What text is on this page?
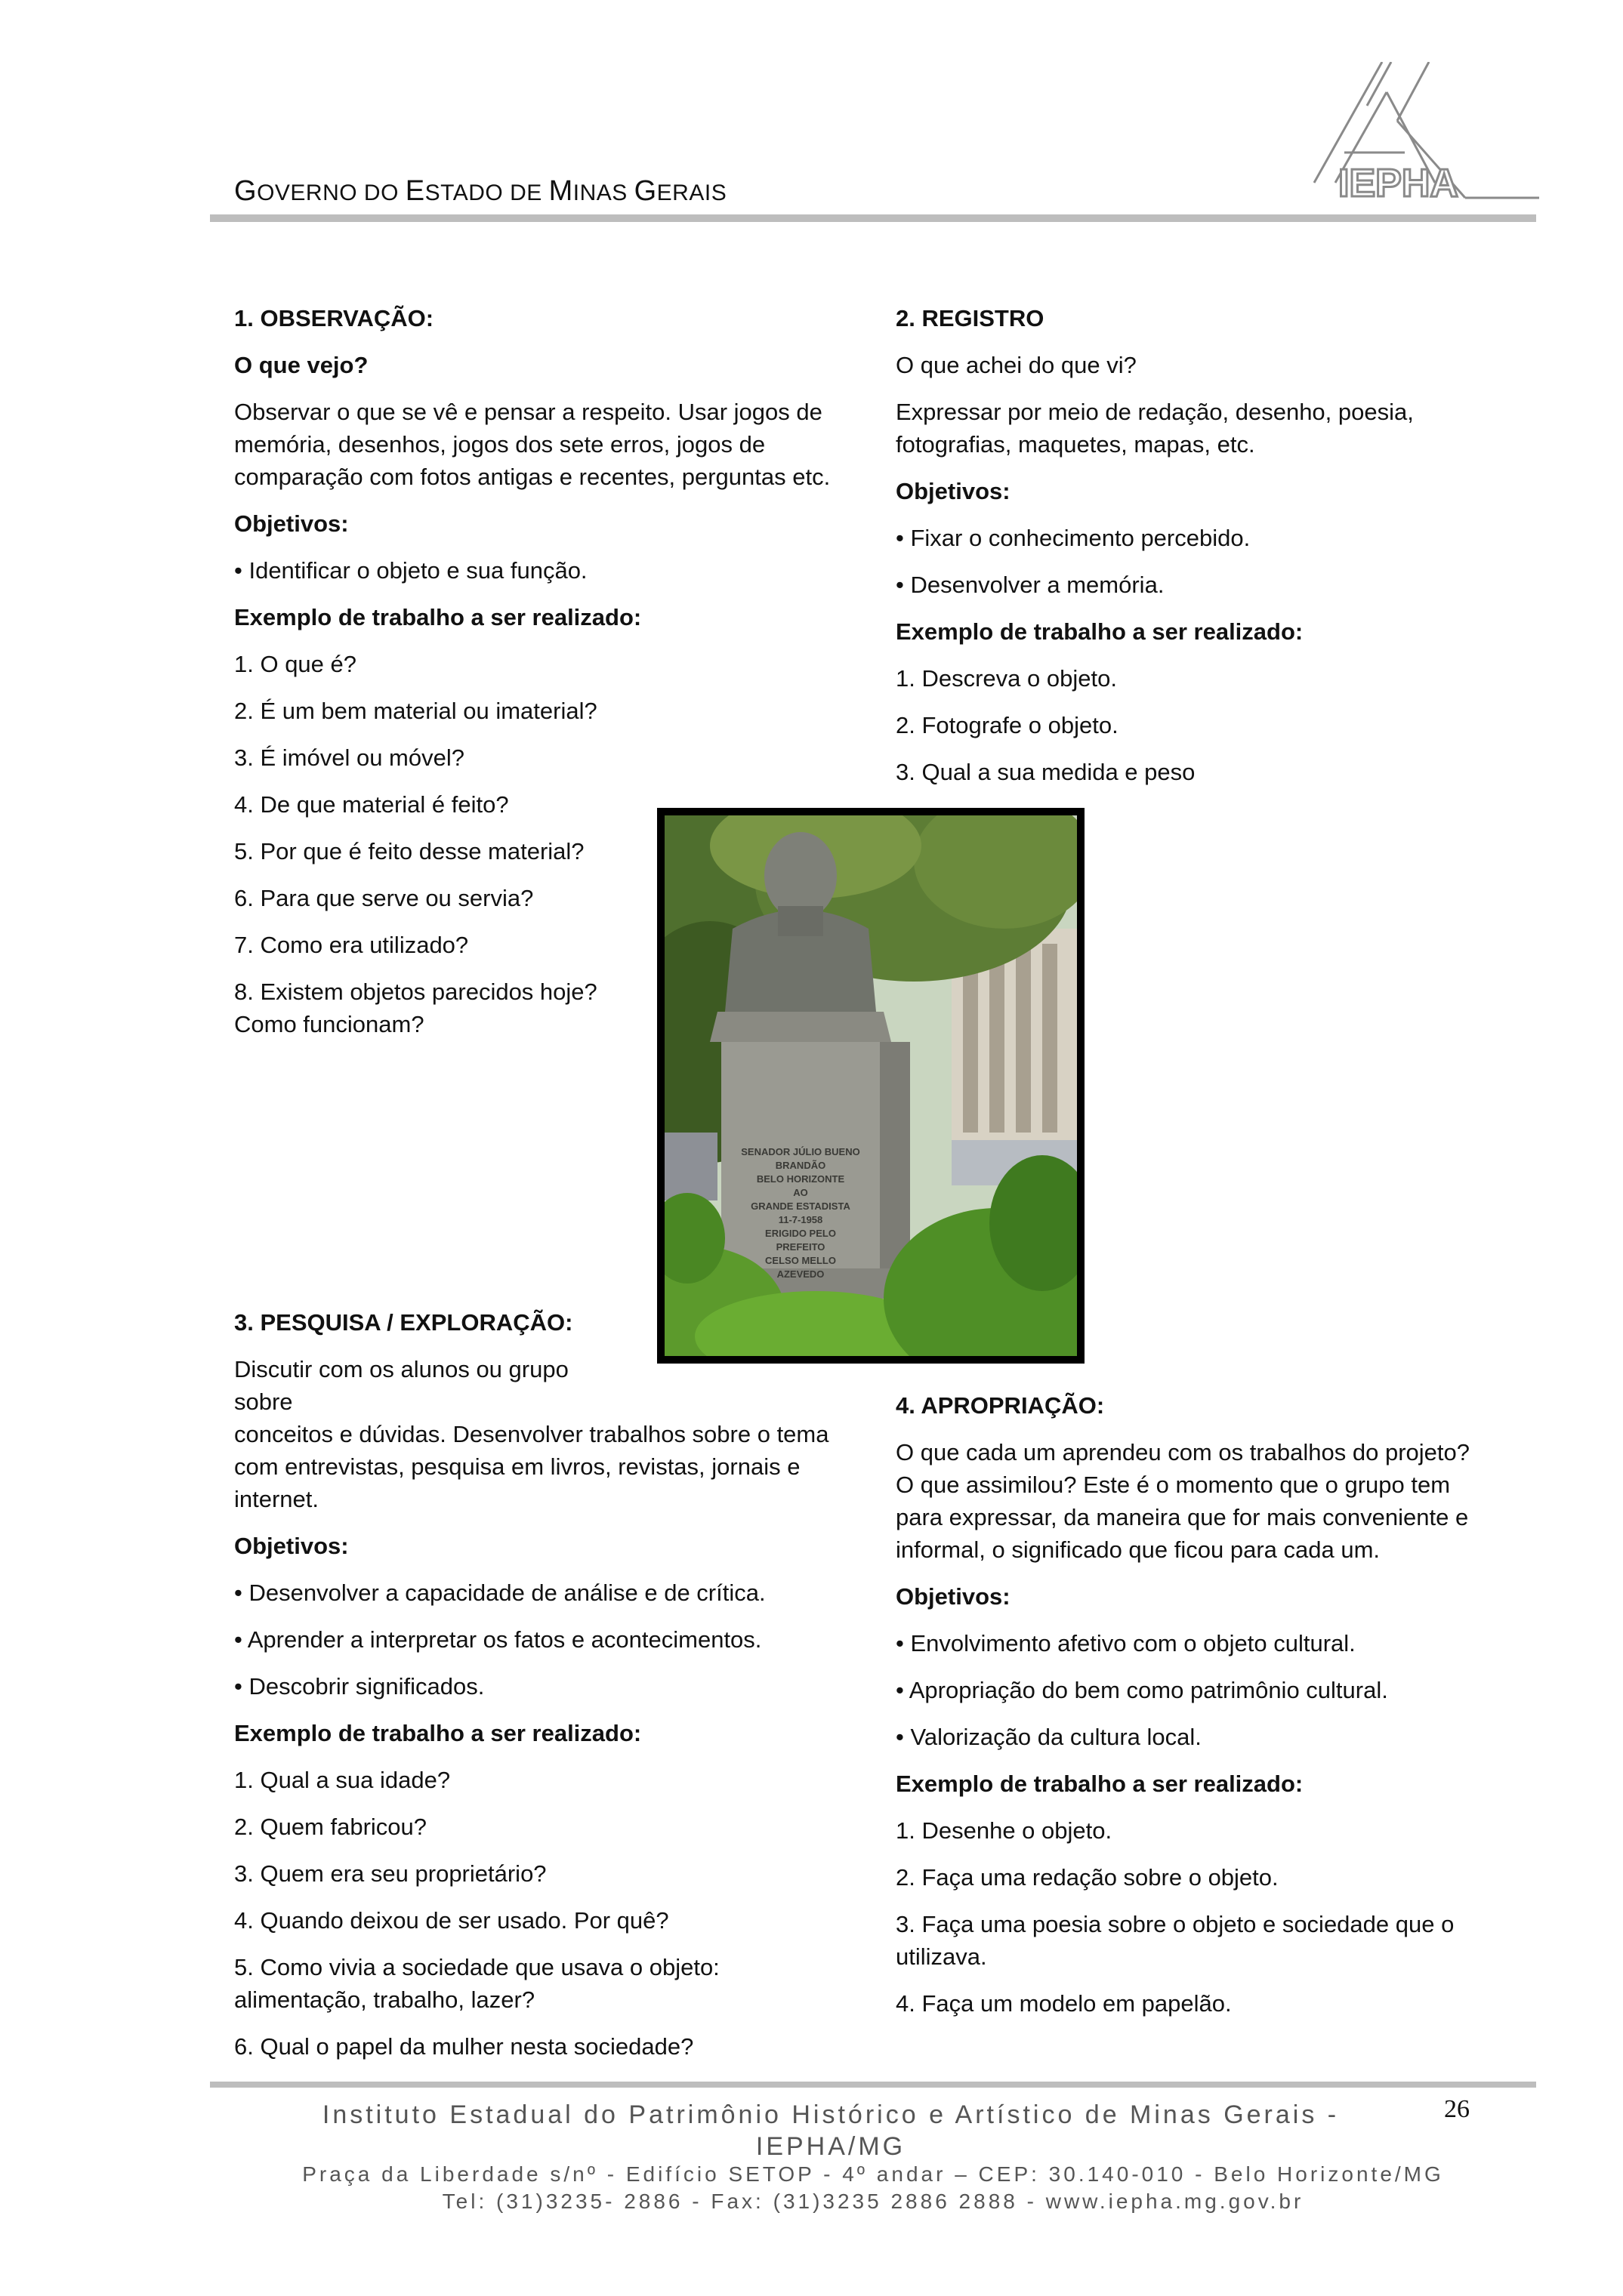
GOVERNO DO ESTADO DE MINAS GERAIS	IEPHA

1. OBSERVAÇÃO:

O que vejo?

Observar o que se vê e pensar a respeito. Usar jogos de memória, desenhos, jogos dos sete erros, jogos de comparação com fotos antigas e recentes, perguntas etc.

Objetivos:

• Identificar o objeto e sua função.

Exemplo de trabalho a ser realizado:

1. O que é?

2. É um bem material ou imaterial?

3. É imóvel ou móvel?

4. De que material é feito?

5. Por que é feito desse material?

6. Para que serve ou servia?

7. Como era utilizado?

8. Existem objetos parecidos hoje?

Como funcionam?

2. REGISTRO

O que achei do que vi?

Expressar por meio de redação, desenho, poesia, fotografias, maquetes, mapas, etc.

Objetivos:

• Fixar o conhecimento percebido.

• Desenvolver a memória.

Exemplo de trabalho a ser realizado:

1. Descreva o objeto.

2. Fotografe o objeto.

3. Qual a sua medida e peso

SENADOR JÚLIO BUENO
BRANDÃO
BELO HORIZONTE
AO
GRANDE ESTADISTA
11-7-1958
ERIGIDO PELO
PREFEITO
CELSO MELLO
AZEVEDO

3. PESQUISA / EXPLORAÇÃO:

Discutir com os alunos ou grupo sobre

conceitos e dúvidas. Desenvolver trabalhos sobre o tema com entrevistas, pesquisa em livros, revistas, jornais e internet.

Objetivos:

• Desenvolver a capacidade de análise e de crítica.

• Aprender a interpretar os fatos e acontecimentos.

• Descobrir significados.

Exemplo de trabalho a ser realizado:

1. Qual a sua idade?

2. Quem fabricou?

3. Quem era seu proprietário?

4. Quando deixou de ser usado. Por quê?

5. Como vivia a sociedade que usava o objeto: alimentação, trabalho, lazer?

6. Qual o papel da mulher nesta sociedade?

4. APROPRIAÇÃO:

O que cada um aprendeu com os trabalhos do projeto? O que assimilou? Este é o momento que o grupo tem para expressar, da maneira que for mais conveniente e informal, o significado que ficou para cada um.

Objetivos:

• Envolvimento afetivo com o objeto cultural.

• Apropriação do bem como patrimônio cultural.

• Valorização da cultura local.

Exemplo de trabalho a ser realizado:

1. Desenhe o objeto.

2. Faça uma redação sobre o objeto.

3. Faça uma poesia sobre o objeto e sociedade que o utilizava.

4. Faça um modelo em papelão.

Instituto Estadual do Patrimônio Histórico e Artístico de Minas Gerais -
IEPHA/MG
26
Praça da Liberdade s/nº - Edifício SETOP - 4º andar – CEP: 30.140-010 - Belo Horizonte/MG
Tel: (31)3235- 2886 - Fax: (31)3235 2886 2888 - www.iepha.mg.gov.br
